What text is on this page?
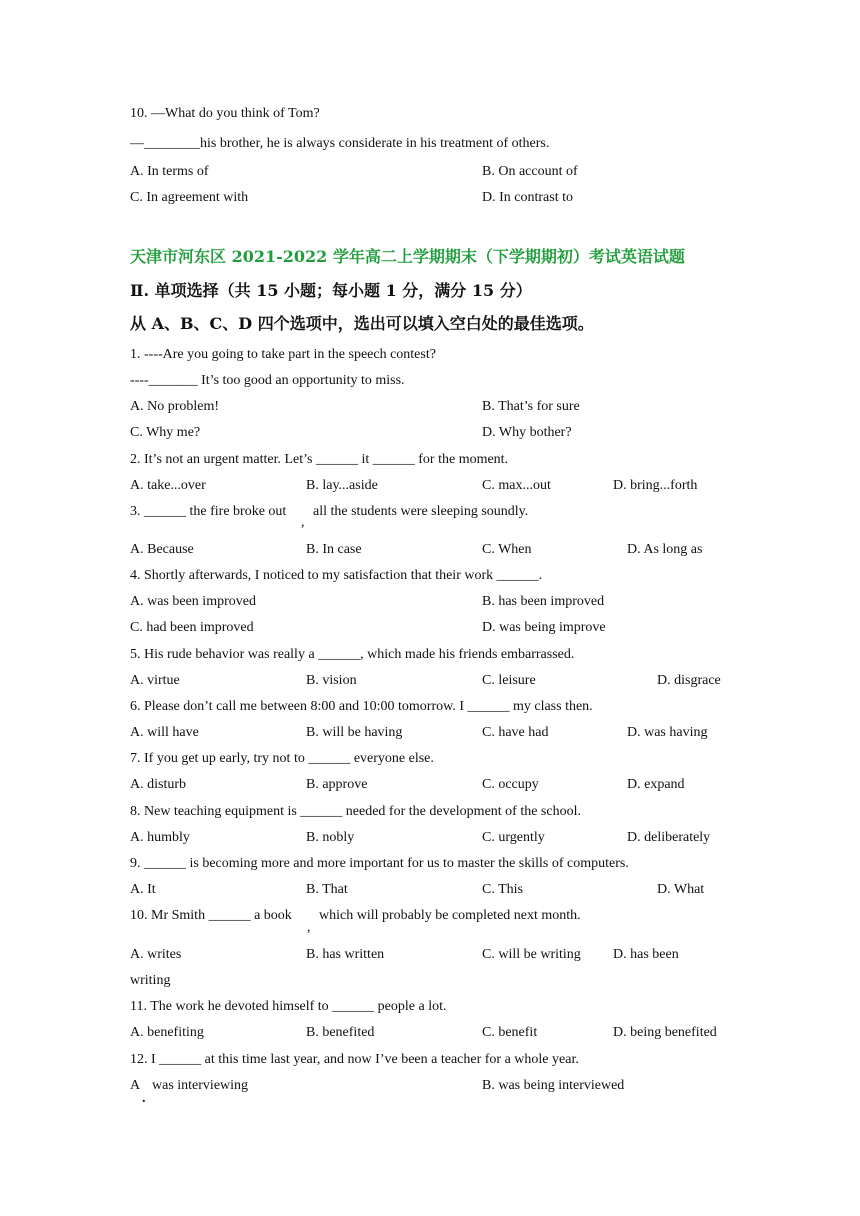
10. —What do you think of Tom?
—________his brother, he is always considerate in his treatment of others.
A. In terms of	B. On account of
C. In agreement with	D. In contrast to
天津市河东区 2021-2022 学年高二上学期期末（下学期期初）考试英语试题
Ⅱ. 单项选择（共 15 小题；每小题 1 分，满分 15 分）
从 A、B、C、D 四个选项中，选出可以填入空白处的最佳选项。
1. ----Are you going to take part in the speech contest?
----_______ It’s too good an opportunity to miss.
A. No problem!	B. That’s for sure
C. Why me?	D. Why bother?
2. It’s not an urgent matter. Let’s ______ it ______ for the moment.
A. take...over	B. lay...aside	C. max...out	D. bring...forth
3. ______ the fire broke out
,
all the students were sleeping soundly.
A. Because	B. In case	C. When	D. As long as
4. Shortly afterwards, I noticed to my satisfaction that their work ______.
A. was been improved	B. has been improved
C. had been improved	D. was being improve
5. His rude behavior was really a ______, which made his friends embarrassed.
A. virtue	B. vision	C. leisure	D. disgrace
6. Please don’t call me between 8:00 and 10:00 tomorrow. I ______ my class then.
A. will have	B. will be having	C. have had	D. was having
7. If you get up early, try not to ______ everyone else.
A. disturb	B. approve	C. occupy	D. expand
8. New teaching equipment is ______ needed for the development of the school.
A. humbly	B. nobly	C. urgently	D. deliberately
9. ______ is becoming more and more important for us to master the skills of computers.
A. It	B. That	C. This	D. What
10. Mr Smith ______ a book
,
which will probably be completed next month.
A. writes	B. has written	C. will be writing D. has been
writing
11. The work he devoted himself to ______ people a lot.
A. benefiting	B. benefited	C. benefit	D. being benefited
12. I ______ at this time last year, and now I’ve been a teacher for a whole year.
A
.
was interviewing	B. was being interviewed
